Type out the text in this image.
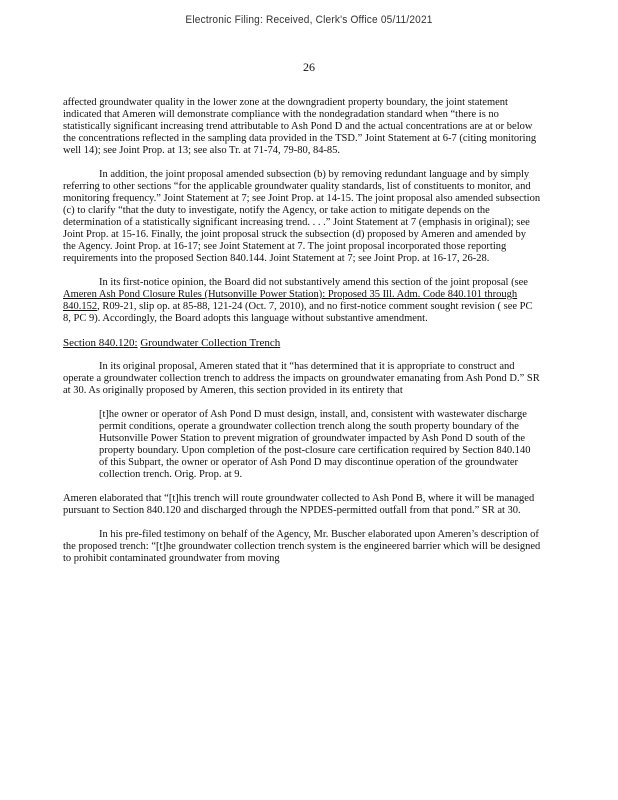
Electronic Filing: Received, Clerk's Office 05/11/2021
26

affected groundwater quality in the lower zone at the downgradient property boundary, the joint statement indicated that Ameren will demonstrate compliance with the nondegradation standard when “there is no statistically significant increasing trend attributable to Ash Pond D and the actual concentrations are at or below the concentrations reflected in the sampling data provided in the TSD.” Joint Statement at 6-7 (citing monitoring well 14); see Joint Prop. at 13; see also Tr. at 71-74, 79-80, 84-85.

In addition, the joint proposal amended subsection (b) by removing redundant language and by simply referring to other sections “for the applicable groundwater quality standards, list of constituents to monitor, and monitoring frequency.” Joint Statement at 7; see Joint Prop. at 14-15. The joint proposal also amended subsection (c) to clarify “that the duty to investigate, notify the Agency, or take action to mitigate depends on the determination of a statistically significant increasing trend. . . .” Joint Statement at 7 (emphasis in original); see Joint Prop. at 15-16. Finally, the joint proposal struck the subsection (d) proposed by Ameren and amended by the Agency. Joint Prop. at 16-17; see Joint Statement at 7. The joint proposal incorporated those reporting requirements into the proposed Section 840.144. Joint Statement at 7; see Joint Prop. at 16-17, 26-28.

In its first-notice opinion, the Board did not substantively amend this section of the joint proposal (see Ameren Ash Pond Closure Rules (Hutsonville Power Station): Proposed 35 Ill. Adm. Code 840.101 through 840.152, R09-21, slip op. at 85-88, 121-24 (Oct. 7, 2010), and no first-notice comment sought revision ( see PC 8, PC 9). Accordingly, the Board adopts this language without substantive amendment.

Section 840.120: Groundwater Collection Trench

In its original proposal, Ameren stated that it “has determined that it is appropriate to construct and operate a groundwater collection trench to address the impacts on groundwater emanating from Ash Pond D.” SR at 30. As originally proposed by Ameren, this section provided in its entirety that

[t]he owner or operator of Ash Pond D must design, install, and, consistent with wastewater discharge permit conditions, operate a groundwater collection trench along the south property boundary of the Hutsonville Power Station to prevent migration of groundwater impacted by Ash Pond D south of the property boundary. Upon completion of the post-closure care certification required by Section 840.140 of this Subpart, the owner or operator of Ash Pond D may discontinue operation of the groundwater collection trench. Orig. Prop. at 9.

Ameren elaborated that “[t]his trench will route groundwater collected to Ash Pond B, where it will be managed pursuant to Section 840.120 and discharged through the NPDES-permitted outfall from that pond.” SR at 30.

In his pre-filed testimony on behalf of the Agency, Mr. Buscher elaborated upon Ameren’s description of the proposed trench: “[t]he groundwater collection trench system is the engineered barrier which will be designed to prohibit contaminated groundwater from moving
